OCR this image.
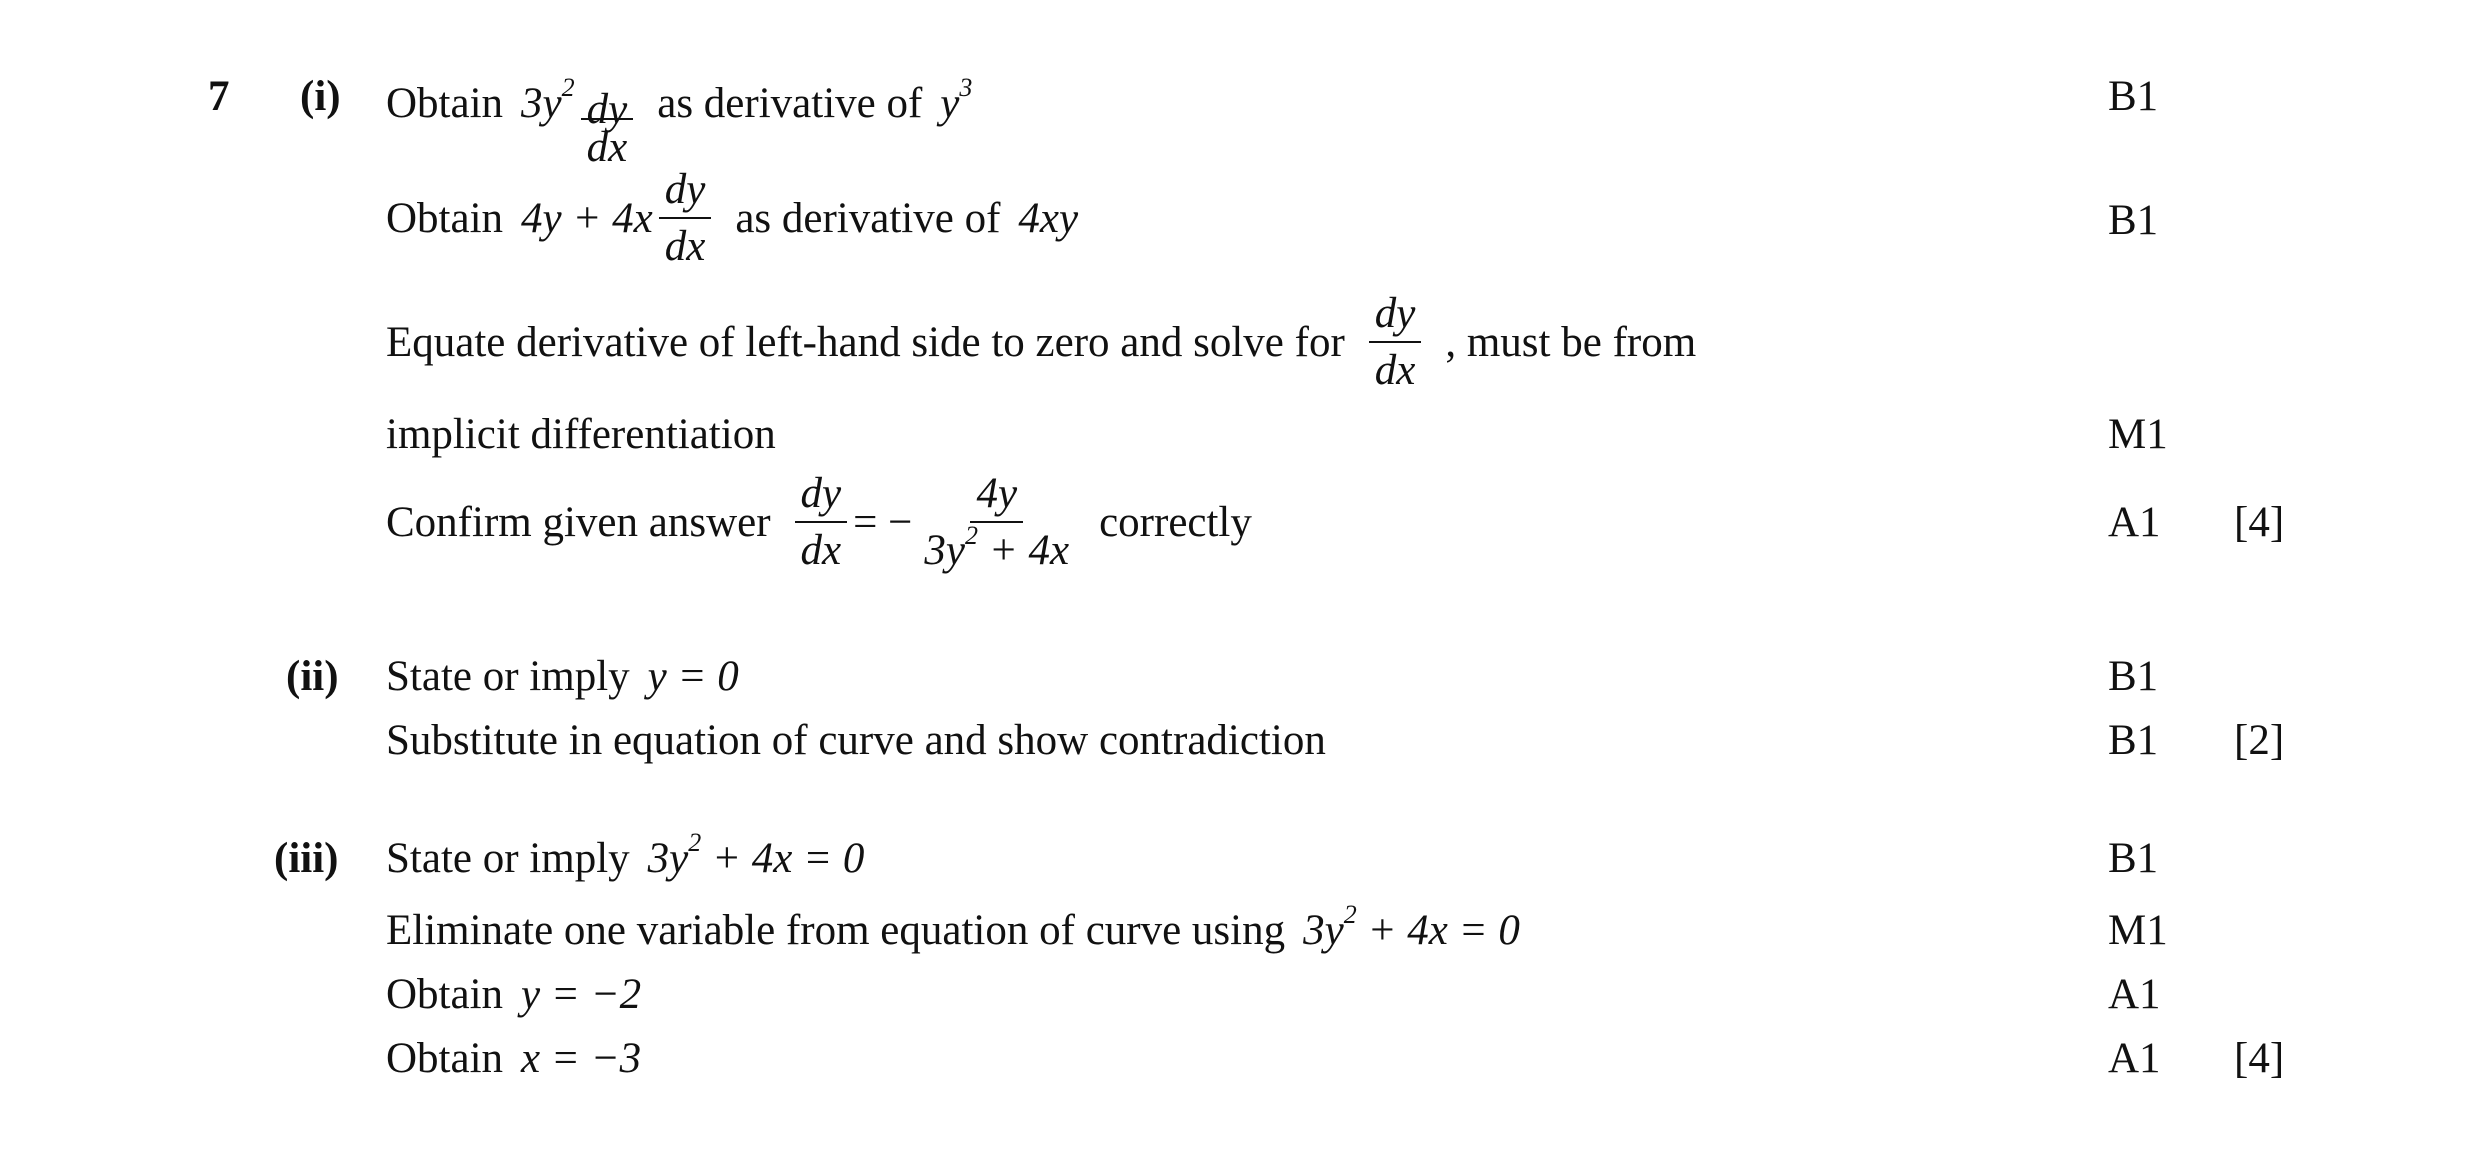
7 (i) Obtain $3y^2$
$\frac{dy}{dx}$
as derivative of $y^3$	B1
Obtain $4y + 4x \frac{dy}{dx}$ as derivative of 4xy	B1
Equate derivative of left-hand side to zero and solve for $\frac{dy}{dx}$ , must be from
implicit differentiation	M1
Confirm given answer $\frac{dy}{dx}$ = − $\frac{4y}{3y^2 + 4x}$ correctly	A1 [4]
(ii) State or imply y = 0	B1
Substitute in equation of curve and show contradiction	B1 [2]
(iii) State or imply $3y^2 + 4x = 0$	B1
Eliminate one variable from equation of curve using $3y^2 + 4x = 0$	M1
Obtain y = −2	A1
Obtain x = −3	A1 [4]
